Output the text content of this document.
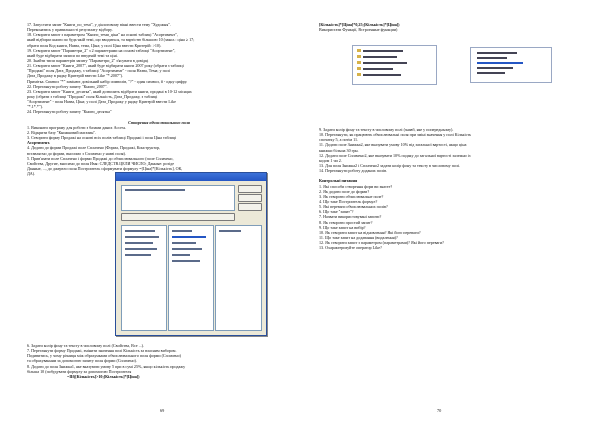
17. Запустити запит "Книги_по_темі", у діалоговому вікні ввести тему "Художня".
Переконатись у правильності результату відбору.
18. Створити запит з параметром "Книги_теми_ціна" на основі таблиці "Асортимент",
який відбирає книги по будь-якій темі, що вводиться, та вартістю більшою 10 (закол.: ціна ≥ 17;
обрати поля Код книги, Назва, тема, Ціна; у полі Ціна ввести Критерій: >10).
19. Створити запит "Параметри_2" з 2 параметрами на основі таблиці "Асортимент",
який буде відбирати записи по введеній темі та ціні.
20. Знайти типи параметрів запиту "Параметри_2" з'ясувати в довідці
21. Створити запит "Книги_2007", який буде відбирати книги 2007 року (обрати з таблиці
"Продажі" поля Дата_Продажу, з таблиці "Асортимент" - поля Назва, Тема; у полі
Дата_Продажу в рядку Критерій ввести Like "*.2007").
Примітка. Символ "*" замінює довільний набір символів, "?" - один символ, # - одну цифру.
22. Переглянути роботу запиту "Книги_2007".
23. Створити запит "Книги_десятка", який дозволить відібрати книги, продані в 10-12 місяцях
року (обрати з таблиці "Продажі" поля Кількість, Дата_Продажу, з таблиці
"Асортимент" - поля Назва, Ціна; у полі Дата_Продажу у рядку Критерій ввести Like
"*.1*.*").
24. Переглянути роботу запиту "Книги_десятка"
Створення обчислювального поля
1. Виконати програму для роботи з базами даних Access.
2. Відкрити базу "Книжковий магазин".
3. Створити форму Продажі на основі всіх полів таблиці Продажі і поля Ціна таблиці
Асортимент.
4. Додати до форми Продажі поле Сплачено (Форма, Продажі, Конструктор,
вставляємо до форми, вносимо з Сплачено у назві поля).
5. Прив'язати поле Сплачено і форми Продажі до обчислювального (поле Сплачено,
Свойства, Другие, вносимо до поля Имя: СЛЕДСТВ.ЦЕЛИ ЧИСЛО; Данные: розіде
Данные, ..., до джерело поля Построитель сформувати формулу =[Ціна]*[Кількість], ОК,
ДА).
6. Задати колір фону та тексту в числовому полі (Свойства, Все ...).
7. Переглянути форму Продажі, змінити значення полі Кількість за власним вибором.
Подивитись, у чому різниця між обрахунками обчислювального поля форми (Сплачено)
та обрахуванням за допомогою запиту поля форми (Сплачено).
8. Додати до поля Знижка1, яке вказувати умову 5 при в сумі 25%, якщо кількість продажу
більша 10 (побудувати формулу за допомогою Построителя
=ІІf([Кількість]>10;[Кількість]*[Ціна])
69
[Кількість]*[Ціна]*0,25;[Кількість]*[Ціна])
Використати Функції, Встроенные функции)
9. Задати колір фону та тексту в числовому полі (знавб, яке у попередньому).
10. Переглянути, як працюють обчислювальні поля при зміні значення у полі Кількість
спочатку 5, а потім 11.
11. Додати поле Знижка2, яке вказувати умову 10% від загальної вартості, якщо ціна
книжки більша 30 грн.
12. Додати поле Сплачено2, яке вказувати 10% подаку до загальної вартості залежно із
кодом 1 чи 2.
13. Для поля Знижка2 і Сплачено2 задати колір фону та тексту в числовому полі.
14. Переглянути роботу доданих полів.
Контрольні питання
1. Які способи створення форм ви знаєте?
2. Як додати поле до форми?
3. Як створити обчислювальне поле?
4. Що таке Построитель формул?
5. Які переваги обчислювальних полів?
6. Що таке "запит"?
7. Назвати використовувані запити?
8. Як створити простий запит?
9. Що таке запит на вибір?
10. Як створити запит на відновлення? Які його переваги?
11. Що таке запит на додавання (видалення)?
12. Як створити запит з параметром (параметрами)? Які його переваги?
13. Охарактеризуйте оператор Like?
70
